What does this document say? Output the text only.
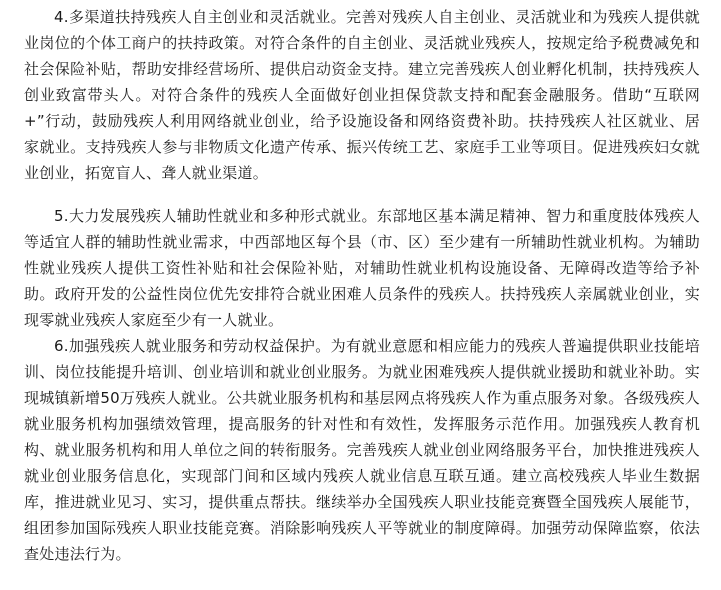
4.多渠道扶持残疾人自主创业和灵活就业。完善对残疾人自主创业、灵活就业和为残疾人提供就业岗位的个体工商户的扶持政策。对符合条件的自主创业、灵活就业残疾人，按规定给予税费减免和社会保险补贴，帮助安排经营场所、提供启动资金支持。建立完善残疾人创业孵化机制，扶持残疾人创业致富带头人。对符合条件的残疾人全面做好创业担保贷款支持和配套金融服务。借助“互联网+”行动，鼓励残疾人利用网络就业创业，给予设施设备和网络资费补助。扶持残疾人社区就业、居家就业。支持残疾人参与非物质文化遗产传承、振兴传统工艺、家庭手工业等项目。促进残疾妇女就业创业，拓宽盲人、聋人就业渠道。

5.大力发展残疾人辅助性就业和多种形式就业。东部地区基本满足精神、智力和重度肢体残疾人等适宜人群的辅助性就业需求，中西部地区每个县（市、区）至少建有一所辅助性就业机构。为辅助性就业残疾人提供工资性补贴和社会保险补贴，对辅助性就业机构设施设备、无障碍改造等给予补助。政府开发的公益性岗位优先安排符合就业困难人员条件的残疾人。扶持残疾人亲属就业创业，实现零就业残疾人家庭至少有一人就业。

6.加强残疾人就业服务和劳动权益保护。为有就业意愿和相应能力的残疾人普遍提供职业技能培训、岗位技能提升培训、创业培训和就业创业服务。为就业困难残疾人提供就业援助和就业补助。实现城镇新增50万残疾人就业。公共就业服务机构和基层网点将残疾人作为重点服务对象。各级残疾人就业服务机构加强绩效管理，提高服务的针对性和有效性，发挥服务示范作用。加强残疾人教育机构、就业服务机构和用人单位之间的转衔服务。完善残疾人就业创业网络服务平台，加快推进残疾人就业创业服务信息化，实现部门间和区域内残疾人就业信息互联互通。建立高校残疾人毕业生数据库，推进就业见习、实习，提供重点帮扶。继续举办全国残疾人职业技能竞赛暨全国残疾人展能节，组团参加国际残疾人职业技能竞赛。消除影响残疾人平等就业的制度障碍。加强劳动保障监察，依法查处违法行为。
